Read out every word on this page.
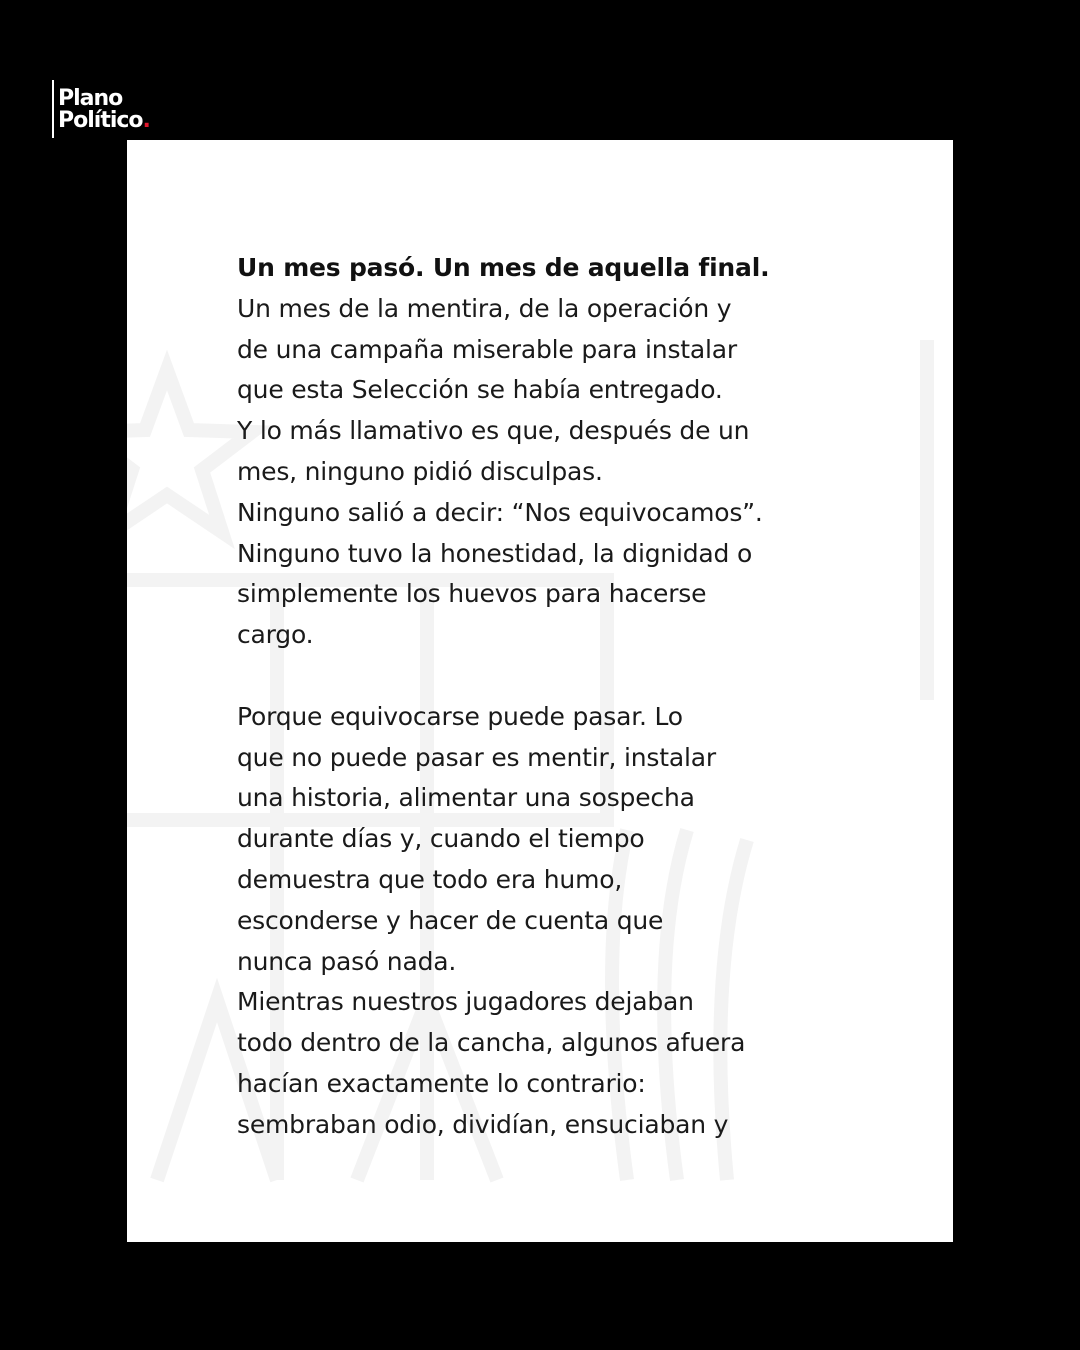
Plano
Político.
Un mes pasó. Un mes de aquella final.
Un mes de la mentira, de la operación y
de una campaña miserable para instalar
que esta Selección se había entregado.
Y lo más llamativo es que, después de un
mes, ninguno pidió disculpas.
Ninguno salió a decir: “Nos equivocamos”.
Ninguno tuvo la honestidad, la dignidad o
simplemente los huevos para hacerse
cargo.
Porque equivocarse puede pasar. Lo
que no puede pasar es mentir, instalar
una historia, alimentar una sospecha
durante días y, cuando el tiempo
demuestra que todo era humo,
esconderse y hacer de cuenta que
nunca pasó nada.
Mientras nuestros jugadores dejaban
todo dentro de la cancha, algunos afuera
hacían exactamente lo contrario:
sembraban odio, dividían, ensuciaban y
